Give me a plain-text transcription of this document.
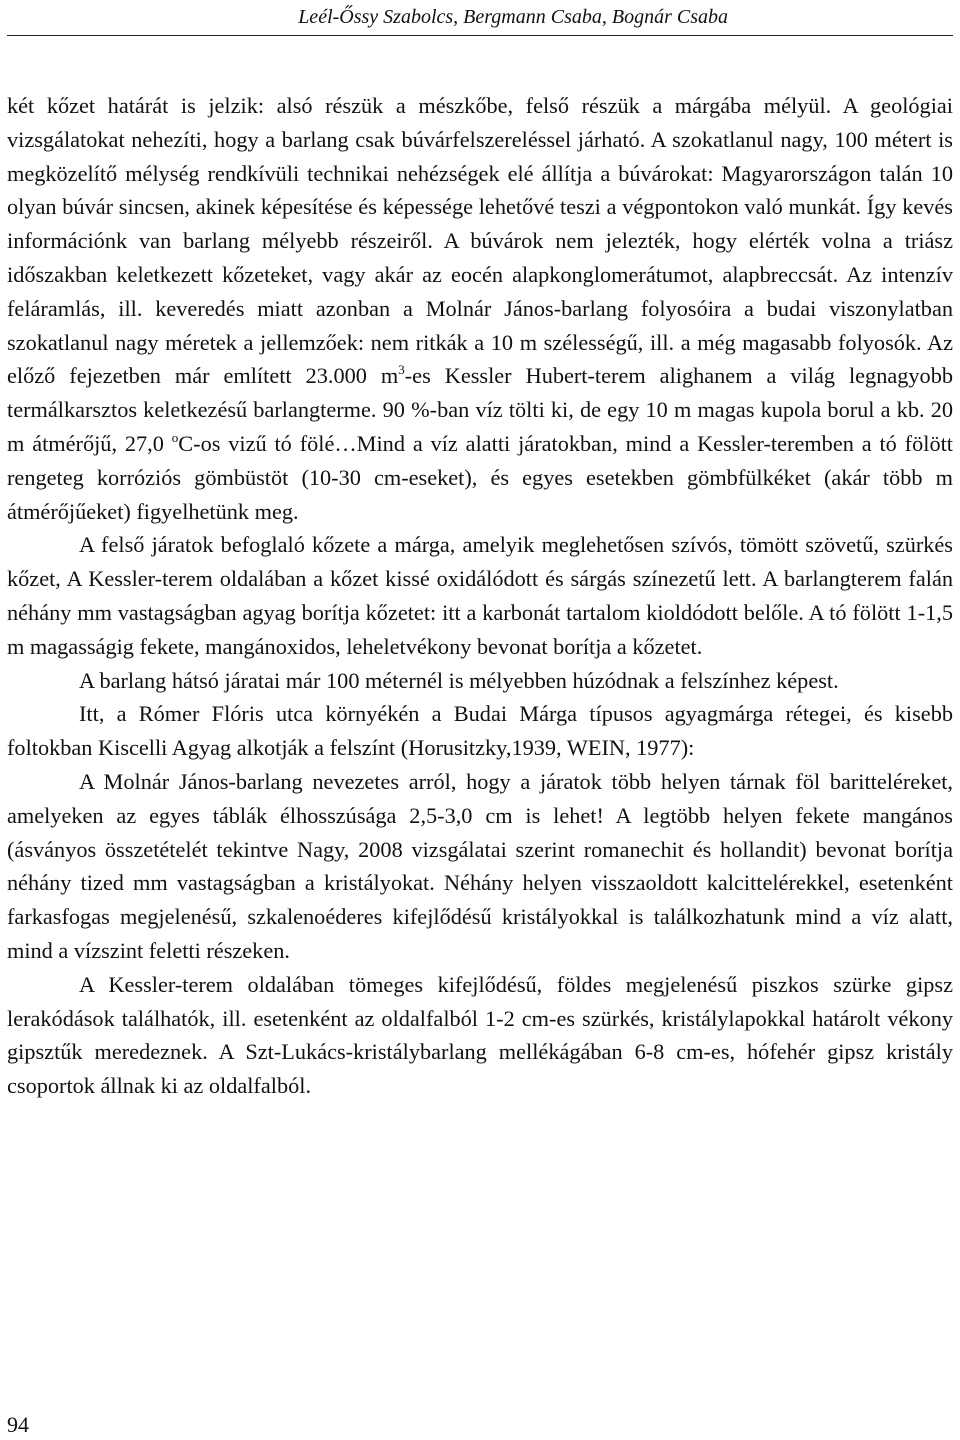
Leél-Őssy Szabolcs, Bergmann Csaba, Bognár Csaba

két kőzet határát is jelzik: alsó részük a mészkőbe, felső részük a márgába mélyül. A geológiai vizsgálatokat nehezíti, hogy a barlang csak búvárfelszereléssel járható. A szokatlanul nagy, 100 métert is megközelítő mélység rendkívüli technikai nehézségek elé állítja a búvárokat: Magyarországon talán 10 olyan búvár sincsen, akinek képesítése és képessége lehetővé teszi a végpontokon való munkát. Így kevés információnk van barlang mélyebb részeiről. A búvárok nem jelezték, hogy elérték volna a triász időszakban keletkezett kőzeteket, vagy akár az eocén alapkonglomerátumot, alapbreccsát. Az intenzív feláramlás, ill. keveredés miatt azonban a Molnár János-barlang folyosóira a budai viszonylatban szokatlanul nagy méretek a jellemzőek: nem ritkák a 10 m szélességű, ill. a még magasabb folyosók. Az előző fejezetben már említett 23.000 $m^3-es$ Kessler Hubert-terem alighanem a világ legnagyobb termálkarsztos keletkezésű barlangterme. 90 %-ban víz tölti ki, de egy 10 m magas kupola borul a kb. 20 m átmérőjű, 27,0 $^o$C-os vizű tó fölé…Mind a víz alatti járatokban, mind a Kessler-teremben a tó fölött rengeteg korróziós gömbüstöt (10-30 cm-eseket), és egyes esetekben gömbfülkéket (akár több m átmérőjűeket) figyelhetünk meg.

A felső járatok befoglaló kőzete a márga, amelyik meglehetősen szívós, tömött szövetű, szürkés kőzet, A Kessler-terem oldalában a kőzet kissé oxidálódott és sárgás színezetű lett. A barlangterem falán néhány mm vastagságban agyag borítja kőzetet: itt a karbonát tartalom kioldódott belőle. A tó fölött 1-1,5 m magasságig fekete, mangánoxidos, leheletvékony bevonat borítja a kőzetet.

A barlang hátsó járatai már 100 méternél is mélyebben húzódnak a felszínhez képest.

Itt, a Rómer Flóris utca környékén a Budai Márga típusos agyagmárga rétegei, és kisebb foltokban Kiscelli Agyag alkotják a felszínt (Horusitzky,1939, WEIN, 1977):

A Molnár János-barlang nevezetes arról, hogy a járatok több helyen tárnak föl baritteléreket, amelyeken az egyes táblák élhosszúsága 2,5-3,0 cm is lehet! A legtöbb helyen fekete mangános (ásványos összetételét tekintve Nagy, 2008 vizsgálatai szerint romanechit és hollandit) bevonat borítja néhány tized mm vastagságban a kristályokat. Néhány helyen visszaoldott kalcittelérekkel, esetenként farkasfogas megjelenésű, szkalenoéderes kifejlődésű kristályokkal is találkozhatunk mind a víz alatt, mind a vízszint feletti részeken.

A Kessler-terem oldalában tömeges kifejlődésű, földes megjelenésű piszkos szürke gipsz lerakódások találhatók, ill. esetenként az oldalfalból 1-2 cm-es szürkés, kristálylapokkal határolt vékony gipsztűk meredeznek. A Szt-Lukács-kristálybarlang mellékágában 6-8 cm-es, hófehér gipsz kristály csoportok állnak ki az oldalfalból.

94
